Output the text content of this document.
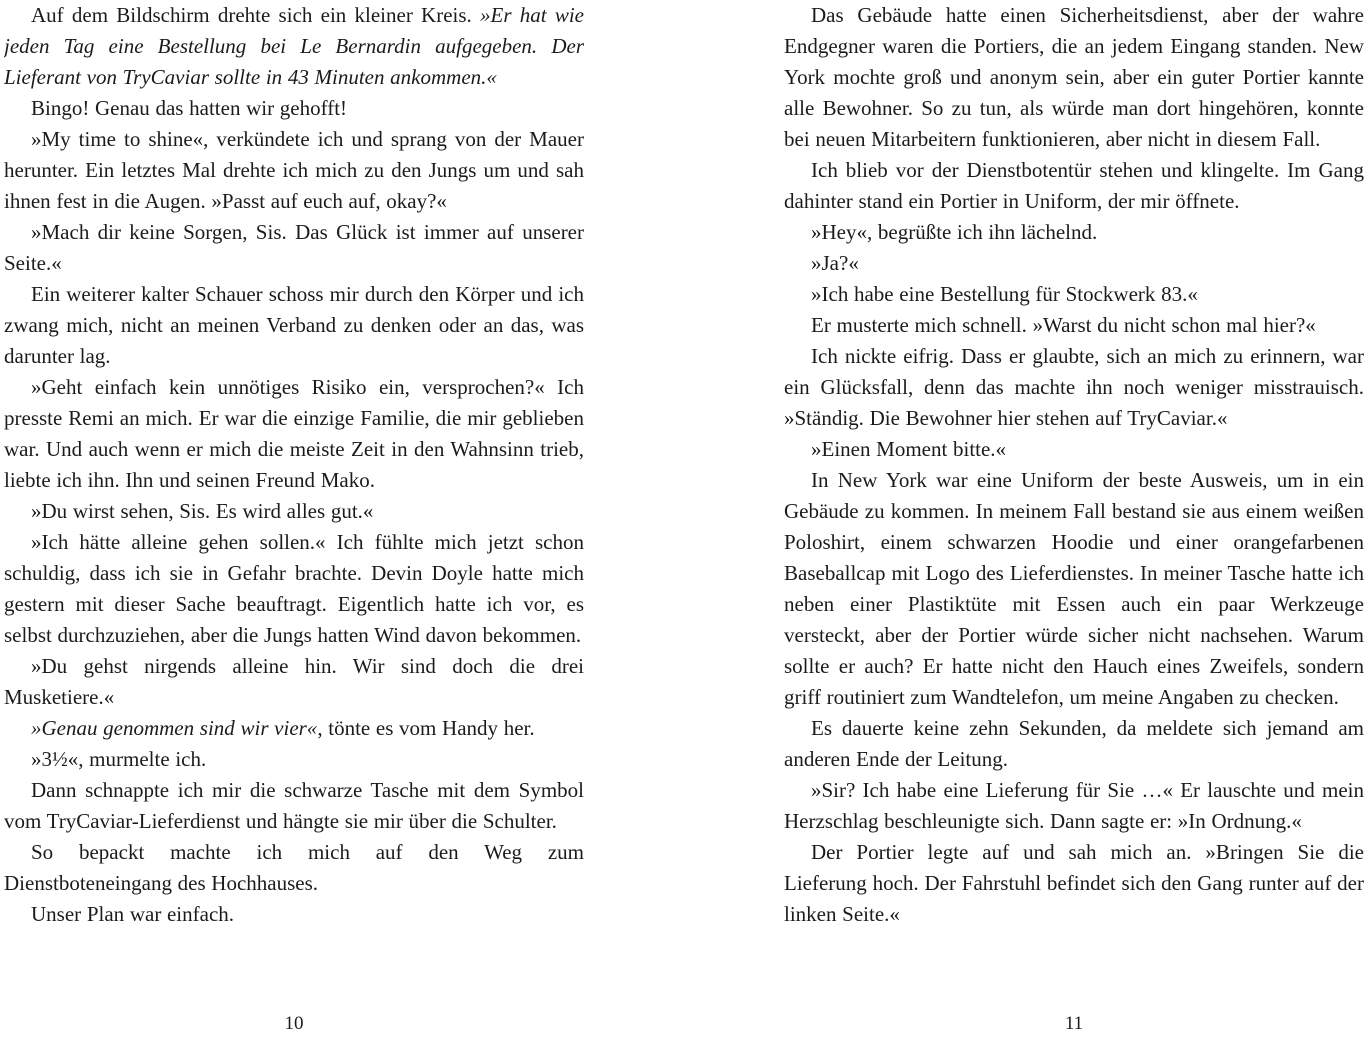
Auf dem Bildschirm drehte sich ein kleiner Kreis. »Er hat wie jeden Tag eine Bestellung bei Le Bernardin aufgegeben. Der Lieferant von TryCaviar sollte in 43 Minuten ankommen.«

Bingo! Genau das hatten wir gehofft!

»My time to shine«, verkündete ich und sprang von der Mauer herunter. Ein letztes Mal drehte ich mich zu den Jungs um und sah ihnen fest in die Augen. »Passt auf euch auf, okay?«

»Mach dir keine Sorgen, Sis. Das Glück ist immer auf unserer Seite.«

Ein weiterer kalter Schauer schoss mir durch den Körper und ich zwang mich, nicht an meinen Verband zu denken oder an das, was darunter lag.

»Geht einfach kein unnötiges Risiko ein, versprochen?« Ich presste Remi an mich. Er war die einzige Familie, die mir geblieben war. Und auch wenn er mich die meiste Zeit in den Wahnsinn trieb, liebte ich ihn. Ihn und seinen Freund Mako.

»Du wirst sehen, Sis. Es wird alles gut.«

»Ich hätte alleine gehen sollen.« Ich fühlte mich jetzt schon schuldig, dass ich sie in Gefahr brachte. Devin Doyle hatte mich gestern mit dieser Sache beauftragt. Eigentlich hatte ich vor, es selbst durchzuziehen, aber die Jungs hatten Wind davon bekommen.

»Du gehst nirgends alleine hin. Wir sind doch die drei Musketiere.«

»Genau genommen sind wir vier«, tönte es vom Handy her.

»3½«, murmelte ich.

Dann schnappte ich mir die schwarze Tasche mit dem Symbol vom TryCaviar-Lieferdienst und hängte sie mir über die Schulter.

So bepackt machte ich mich auf den Weg zum Dienstboteneingang des Hochhauses.

Unser Plan war einfach.

10

Das Gebäude hatte einen Sicherheitsdienst, aber der wahre Endgegner waren die Portiers, die an jedem Eingang standen. New York mochte groß und anonym sein, aber ein guter Portier kannte alle Bewohner. So zu tun, als würde man dort hingehören, konnte bei neuen Mitarbeitern funktionieren, aber nicht in diesem Fall.

Ich blieb vor der Dienstbotentür stehen und klingelte. Im Gang dahinter stand ein Portier in Uniform, der mir öffnete.

»Hey«, begrüßte ich ihn lächelnd.

»Ja?«

»Ich habe eine Bestellung für Stockwerk 83.«

Er musterte mich schnell. »Warst du nicht schon mal hier?«

Ich nickte eifrig. Dass er glaubte, sich an mich zu erinnern, war ein Glücksfall, denn das machte ihn noch weniger misstrauisch. »Ständig. Die Bewohner hier stehen auf TryCaviar.«

»Einen Moment bitte.«

In New York war eine Uniform der beste Ausweis, um in ein Gebäude zu kommen. In meinem Fall bestand sie aus einem weißen Poloshirt, einem schwarzen Hoodie und einer orangefarbenen Baseballcap mit Logo des Lieferdienstes. In meiner Tasche hatte ich neben einer Plastiktüte mit Essen auch ein paar Werkzeuge versteckt, aber der Portier würde sicher nicht nachsehen. Warum sollte er auch? Er hatte nicht den Hauch eines Zweifels, sondern griff routiniert zum Wandtelefon, um meine Angaben zu checken.

Es dauerte keine zehn Sekunden, da meldete sich jemand am anderen Ende der Leitung.

»Sir? Ich habe eine Lieferung für Sie …« Er lauschte und mein Herzschlag beschleunigte sich. Dann sagte er: »In Ordnung.«

Der Portier legte auf und sah mich an. »Bringen Sie die Lieferung hoch. Der Fahrstuhl befindet sich den Gang runter auf der linken Seite.«

11
